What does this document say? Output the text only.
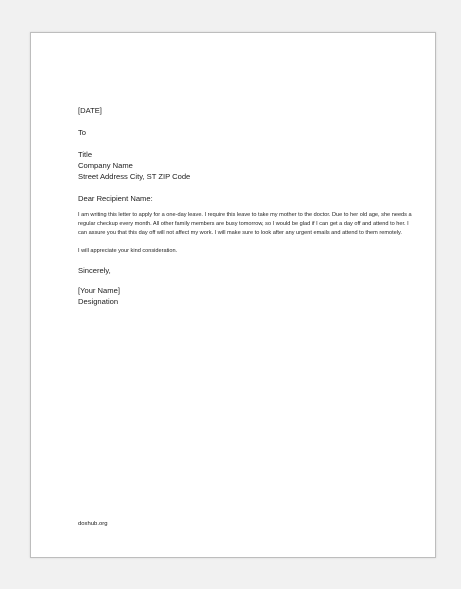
[DATE]
To
Title
Company Name
Street Address City, ST ZIP Code
Dear Recipient Name:

I am writing this letter to apply for a one-day leave. I require this leave to take my mother to the doctor. Due to her old age, she needs a regular checkup every month. All other family members are busy tomorrow, so I would be glad if I can get a day off and attend to her. I can assure you that this day off will not affect my work. I will make sure to look after any urgent emails and attend to them remotely.

I will appreciate your kind consideration.

Sincerely,
[Your Name]
Designation
doxhub.org
